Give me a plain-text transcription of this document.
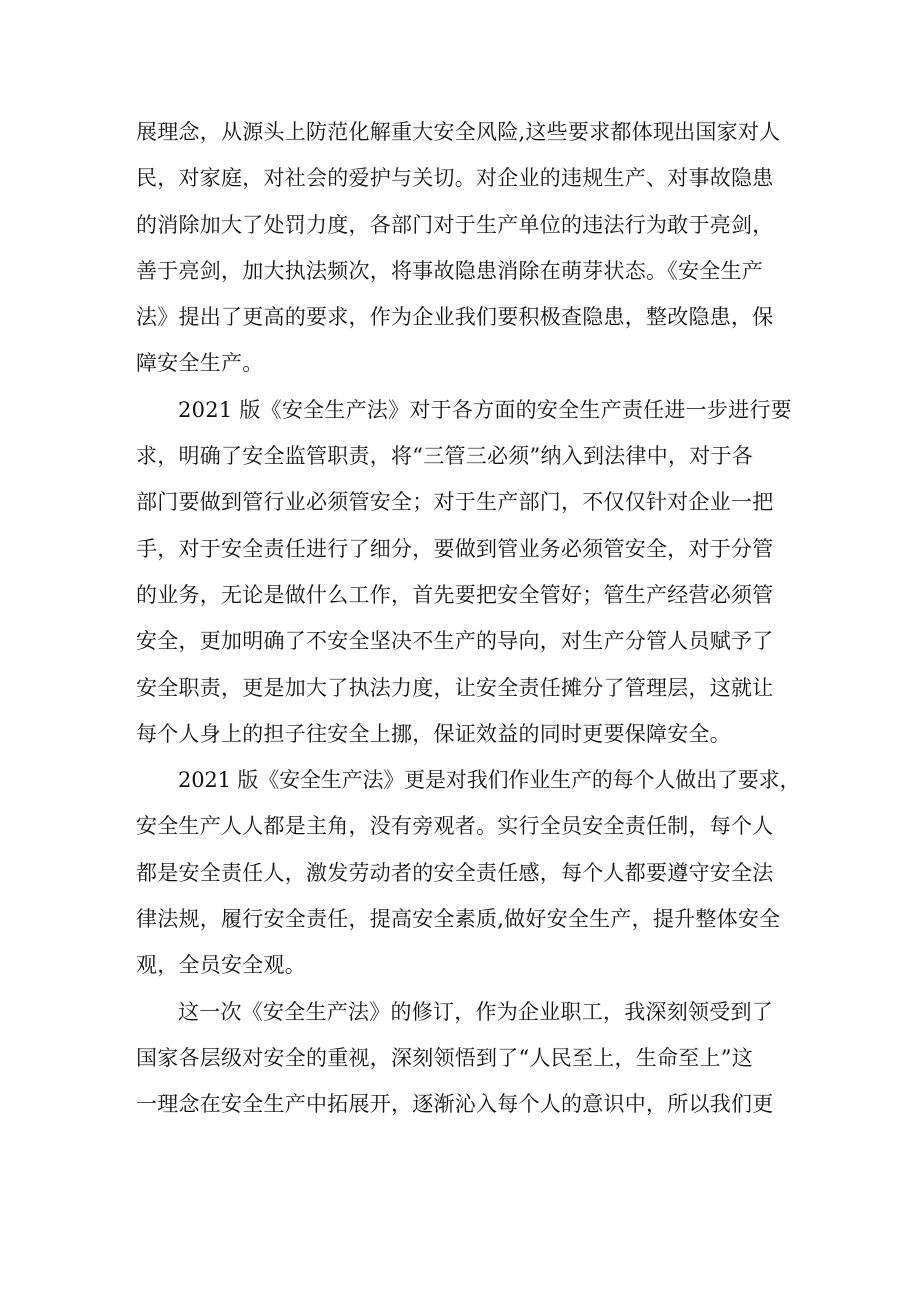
展理念，从源头上防范化解重大安全风险,这些要求都体现出国家对人
民，对家庭，对社会的爱护与关切。对企业的违规生产、对事故隐患
的消除加大了处罚力度，各部门对于生产单位的违法行为敢于亮剑，
善于亮剑，加大执法频次，将事故隐患消除在萌芽状态。《安全生产
法》提出了更高的要求，作为企业我们要积极查隐患，整改隐患，保
障安全生产。
2021 版《安全生产法》对于各方面的安全生产责任进一步进行要
求，明确了安全监管职责，将“三管三必须”纳入到法律中，对于各
部门要做到管行业必须管安全；对于生产部门，不仅仅针对企业一把
手，对于安全责任进行了细分，要做到管业务必须管安全，对于分管
的业务，无论是做什么工作，首先要把安全管好；管生产经营必须管
安全，更加明确了不安全坚决不生产的导向，对生产分管人员赋予了
安全职责，更是加大了执法力度，让安全责任摊分了管理层，这就让
每个人身上的担子往安全上挪，保证效益的同时更要保障安全。
2021 版《安全生产法》更是对我们作业生产的每个人做出了要求，
安全生产人人都是主角，没有旁观者。实行全员安全责任制，每个人
都是安全责任人，激发劳动者的安全责任感，每个人都要遵守安全法
律法规，履行安全责任，提高安全素质,做好安全生产，提升整体安全
观，全员安全观。
这一次《安全生产法》的修订，作为企业职工，我深刻领受到了
国家各层级对安全的重视，深刻领悟到了“人民至上，生命至上”这
一理念在安全生产中拓展开，逐渐沁入每个人的意识中，所以我们更
